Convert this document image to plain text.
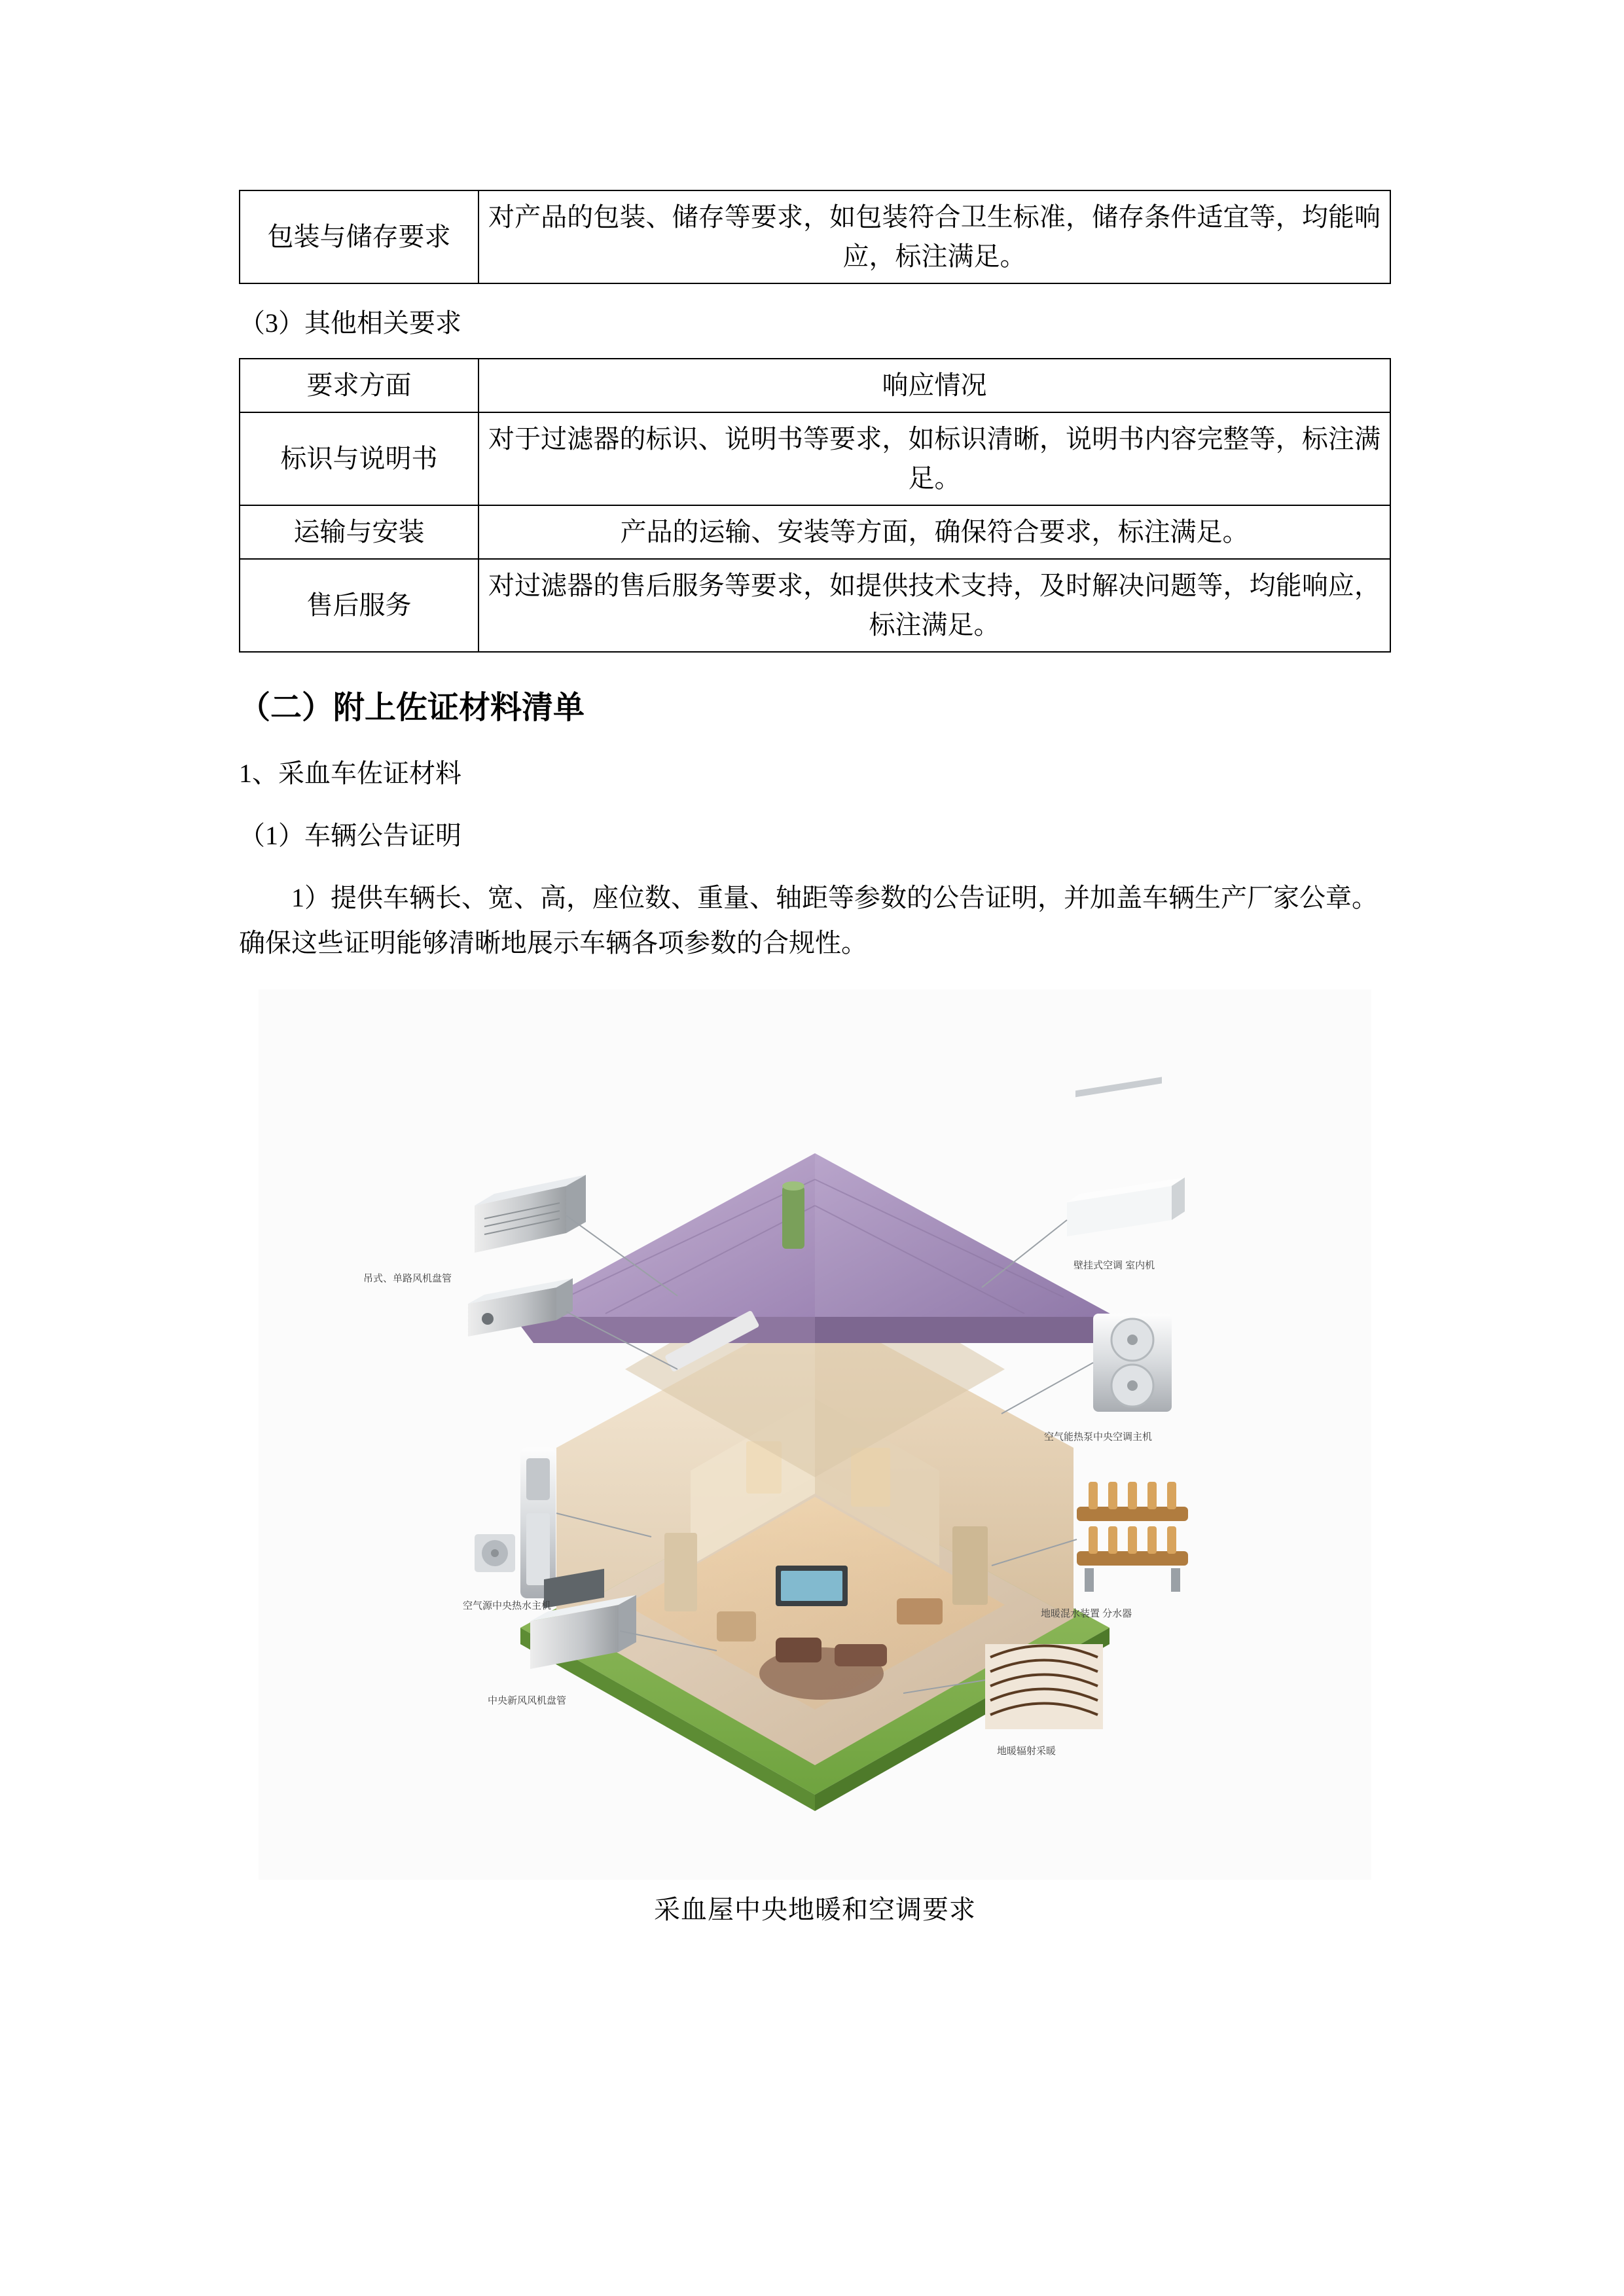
包装与储存要求	对产品的包装、储存等要求，如包装符合卫生标准，储存条件适宜等，均能响应，标注满足。

（3）其他相关要求

要求方面	响应情况
标识与说明书	对于过滤器的标识、说明书等要求，如标识清晰，说明书内容完整等，标注满足。
运输与安装	产品的运输、安装等方面，确保符合要求，标注满足。
售后服务	对过滤器的售后服务等要求，如提供技术支持，及时解决问题等，均能响应，标注满足。
（二）附上佐证材料清单

1、采血车佐证材料

（1）车辆公告证明

1）提供车辆长、宽、高，座位数、重量、轴距等参数的公告证明，并加盖车辆生产厂家公章。确保这些证明能够清晰地展示车辆各项参数的合规性。

吊式、单路风机盘管
壁挂式空调 室内机
空气能热泵中央空调主机
空气源中央热水主机
地暖混水装置 分水器
中央新风风机盘管
地暖辐射采暖
采血屋中央地暖和空调要求
